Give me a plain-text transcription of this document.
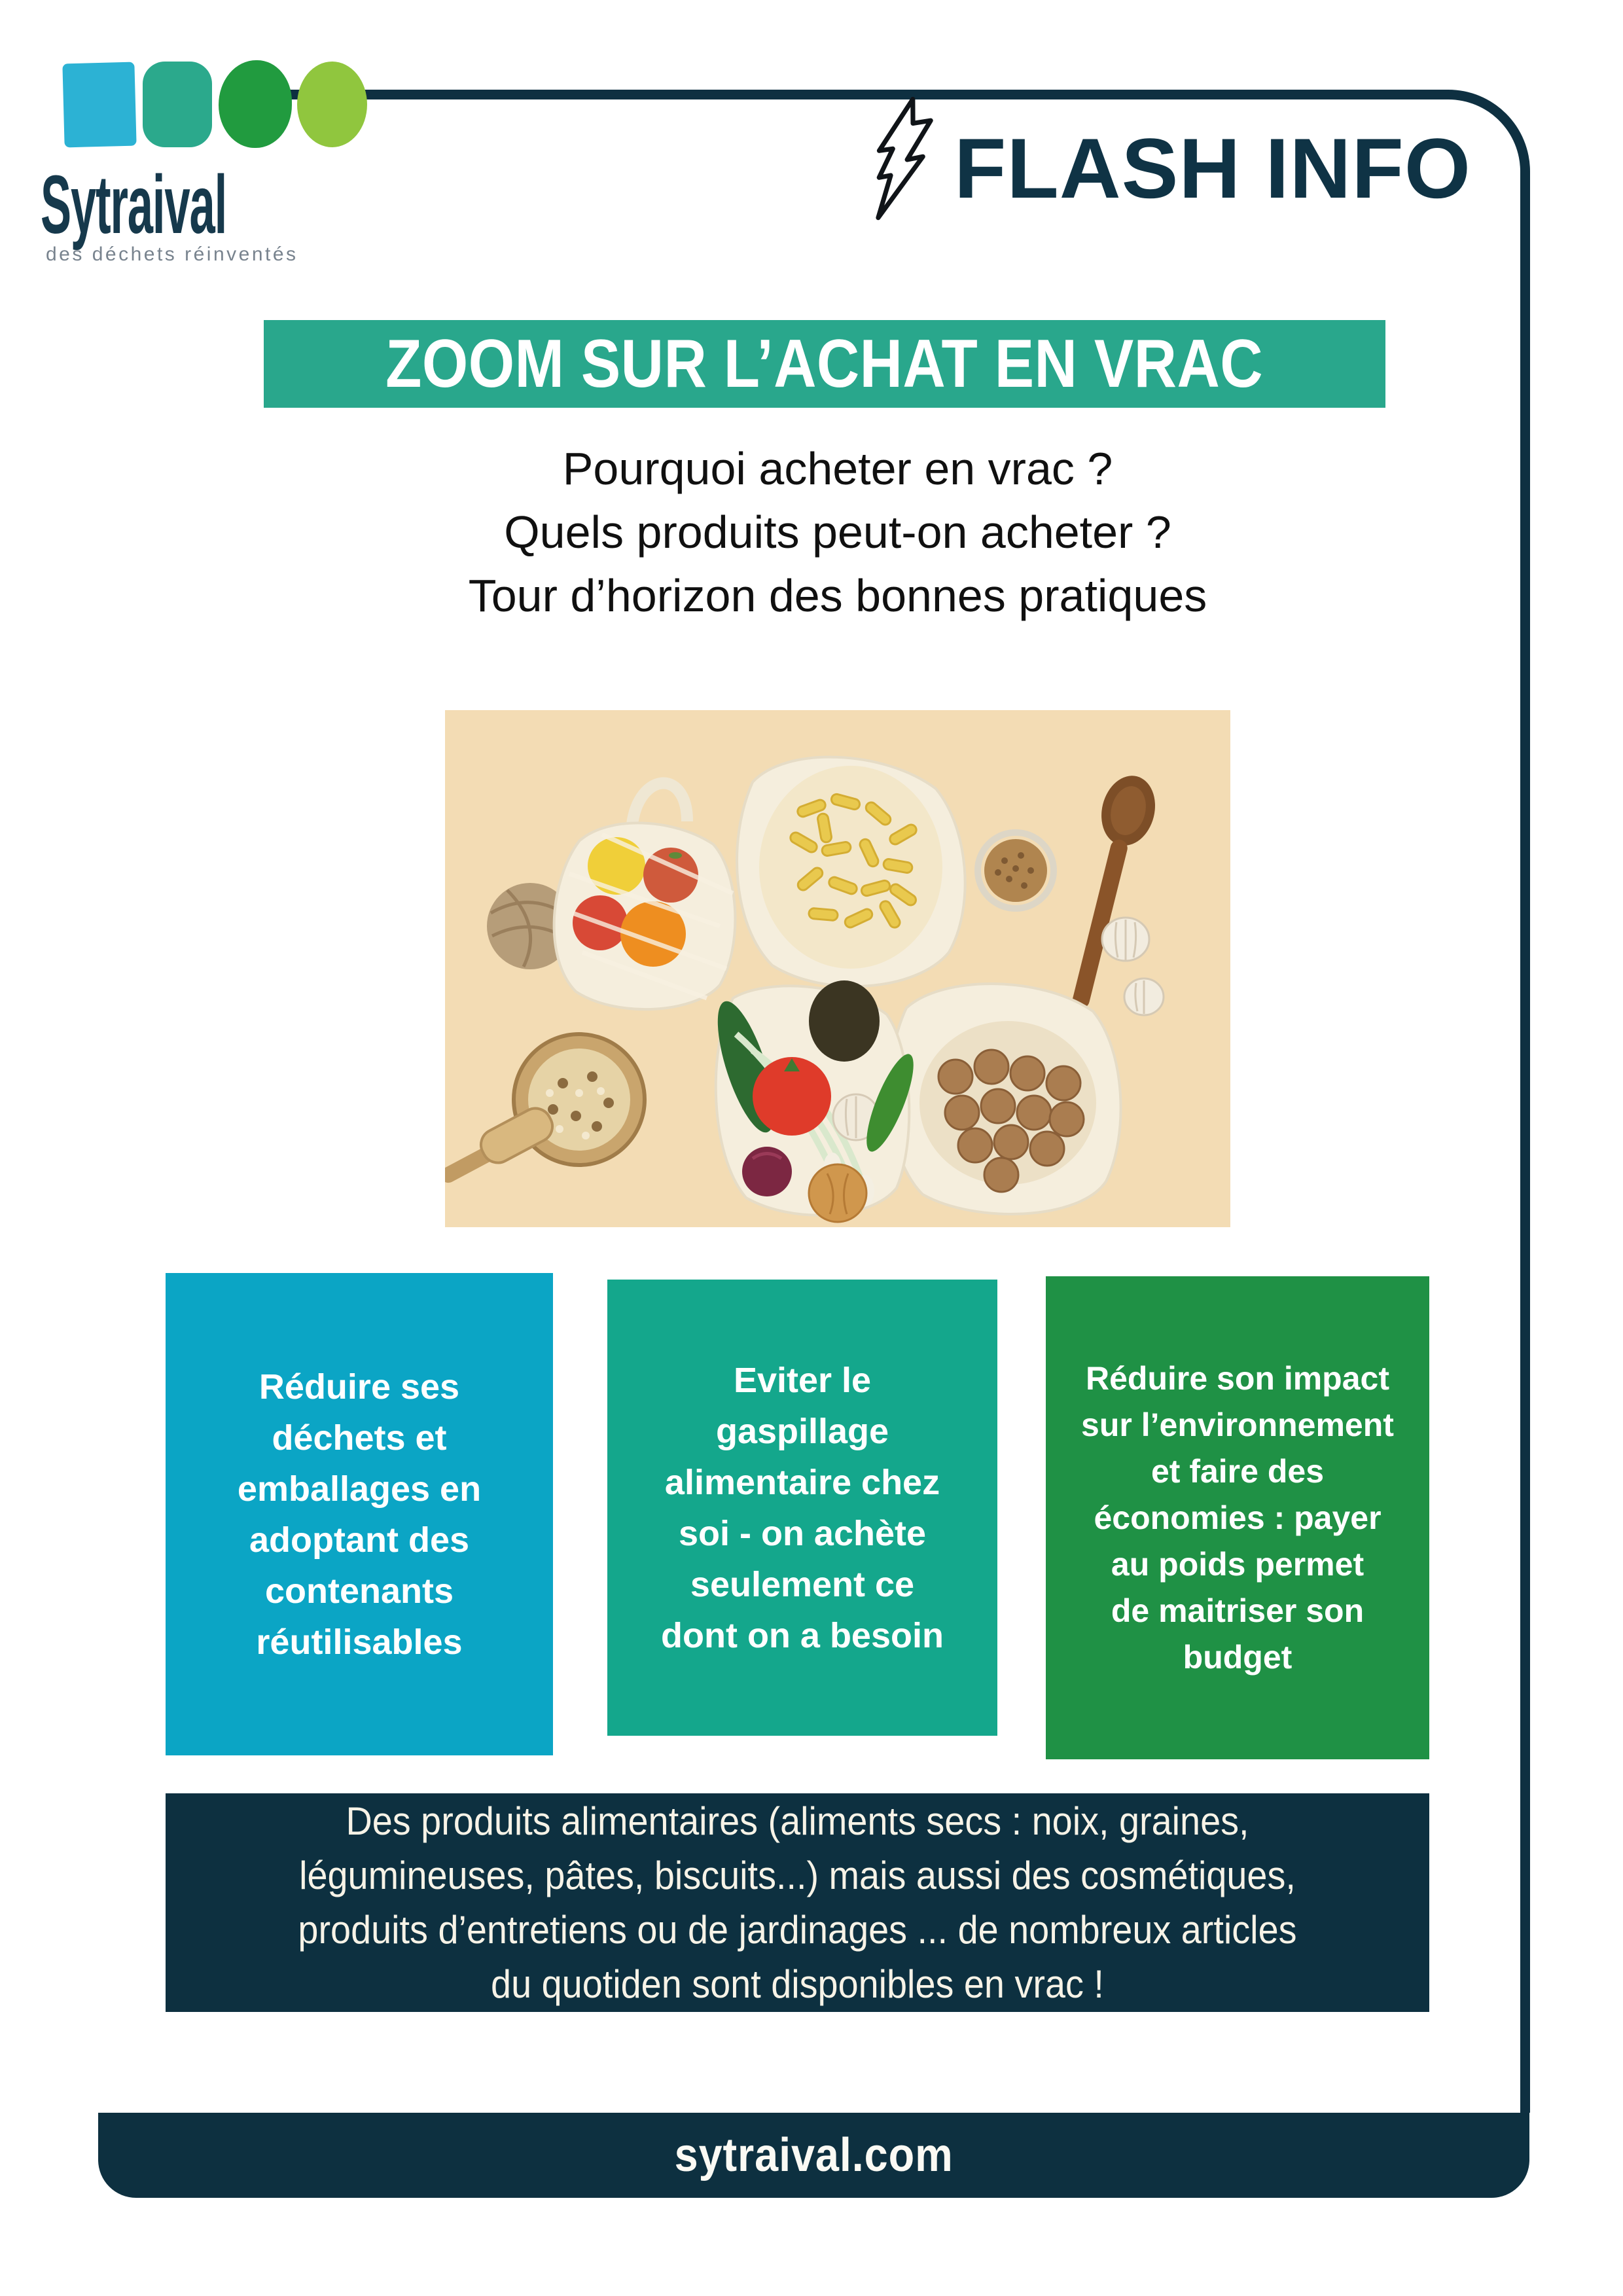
Sytraival
des déchets réinventés
FLASH INFO
ZOOM SUR L’ACHAT EN VRAC
Pourquoi acheter en vrac ?
Quels produits peut-on acheter ?
Tour d’horizon des bonnes pratiques
Réduire ses
déchets et
emballages en
adoptant des
contenants
réutilisables
Eviter le
gaspillage
alimentaire chez
soi - on achète
seulement ce
dont on a besoin
Réduire son impact
sur l’environnement
et faire des
économies : payer
au poids permet
de maitriser son
budget
Des produits alimentaires (aliments secs : noix, graines,
légumineuses, pâtes, biscuits...) mais aussi des cosmétiques,
produits d’entretiens ou de jardinages ... de nombreux articles
du quotiden sont disponibles en vrac !
sytraival.com
